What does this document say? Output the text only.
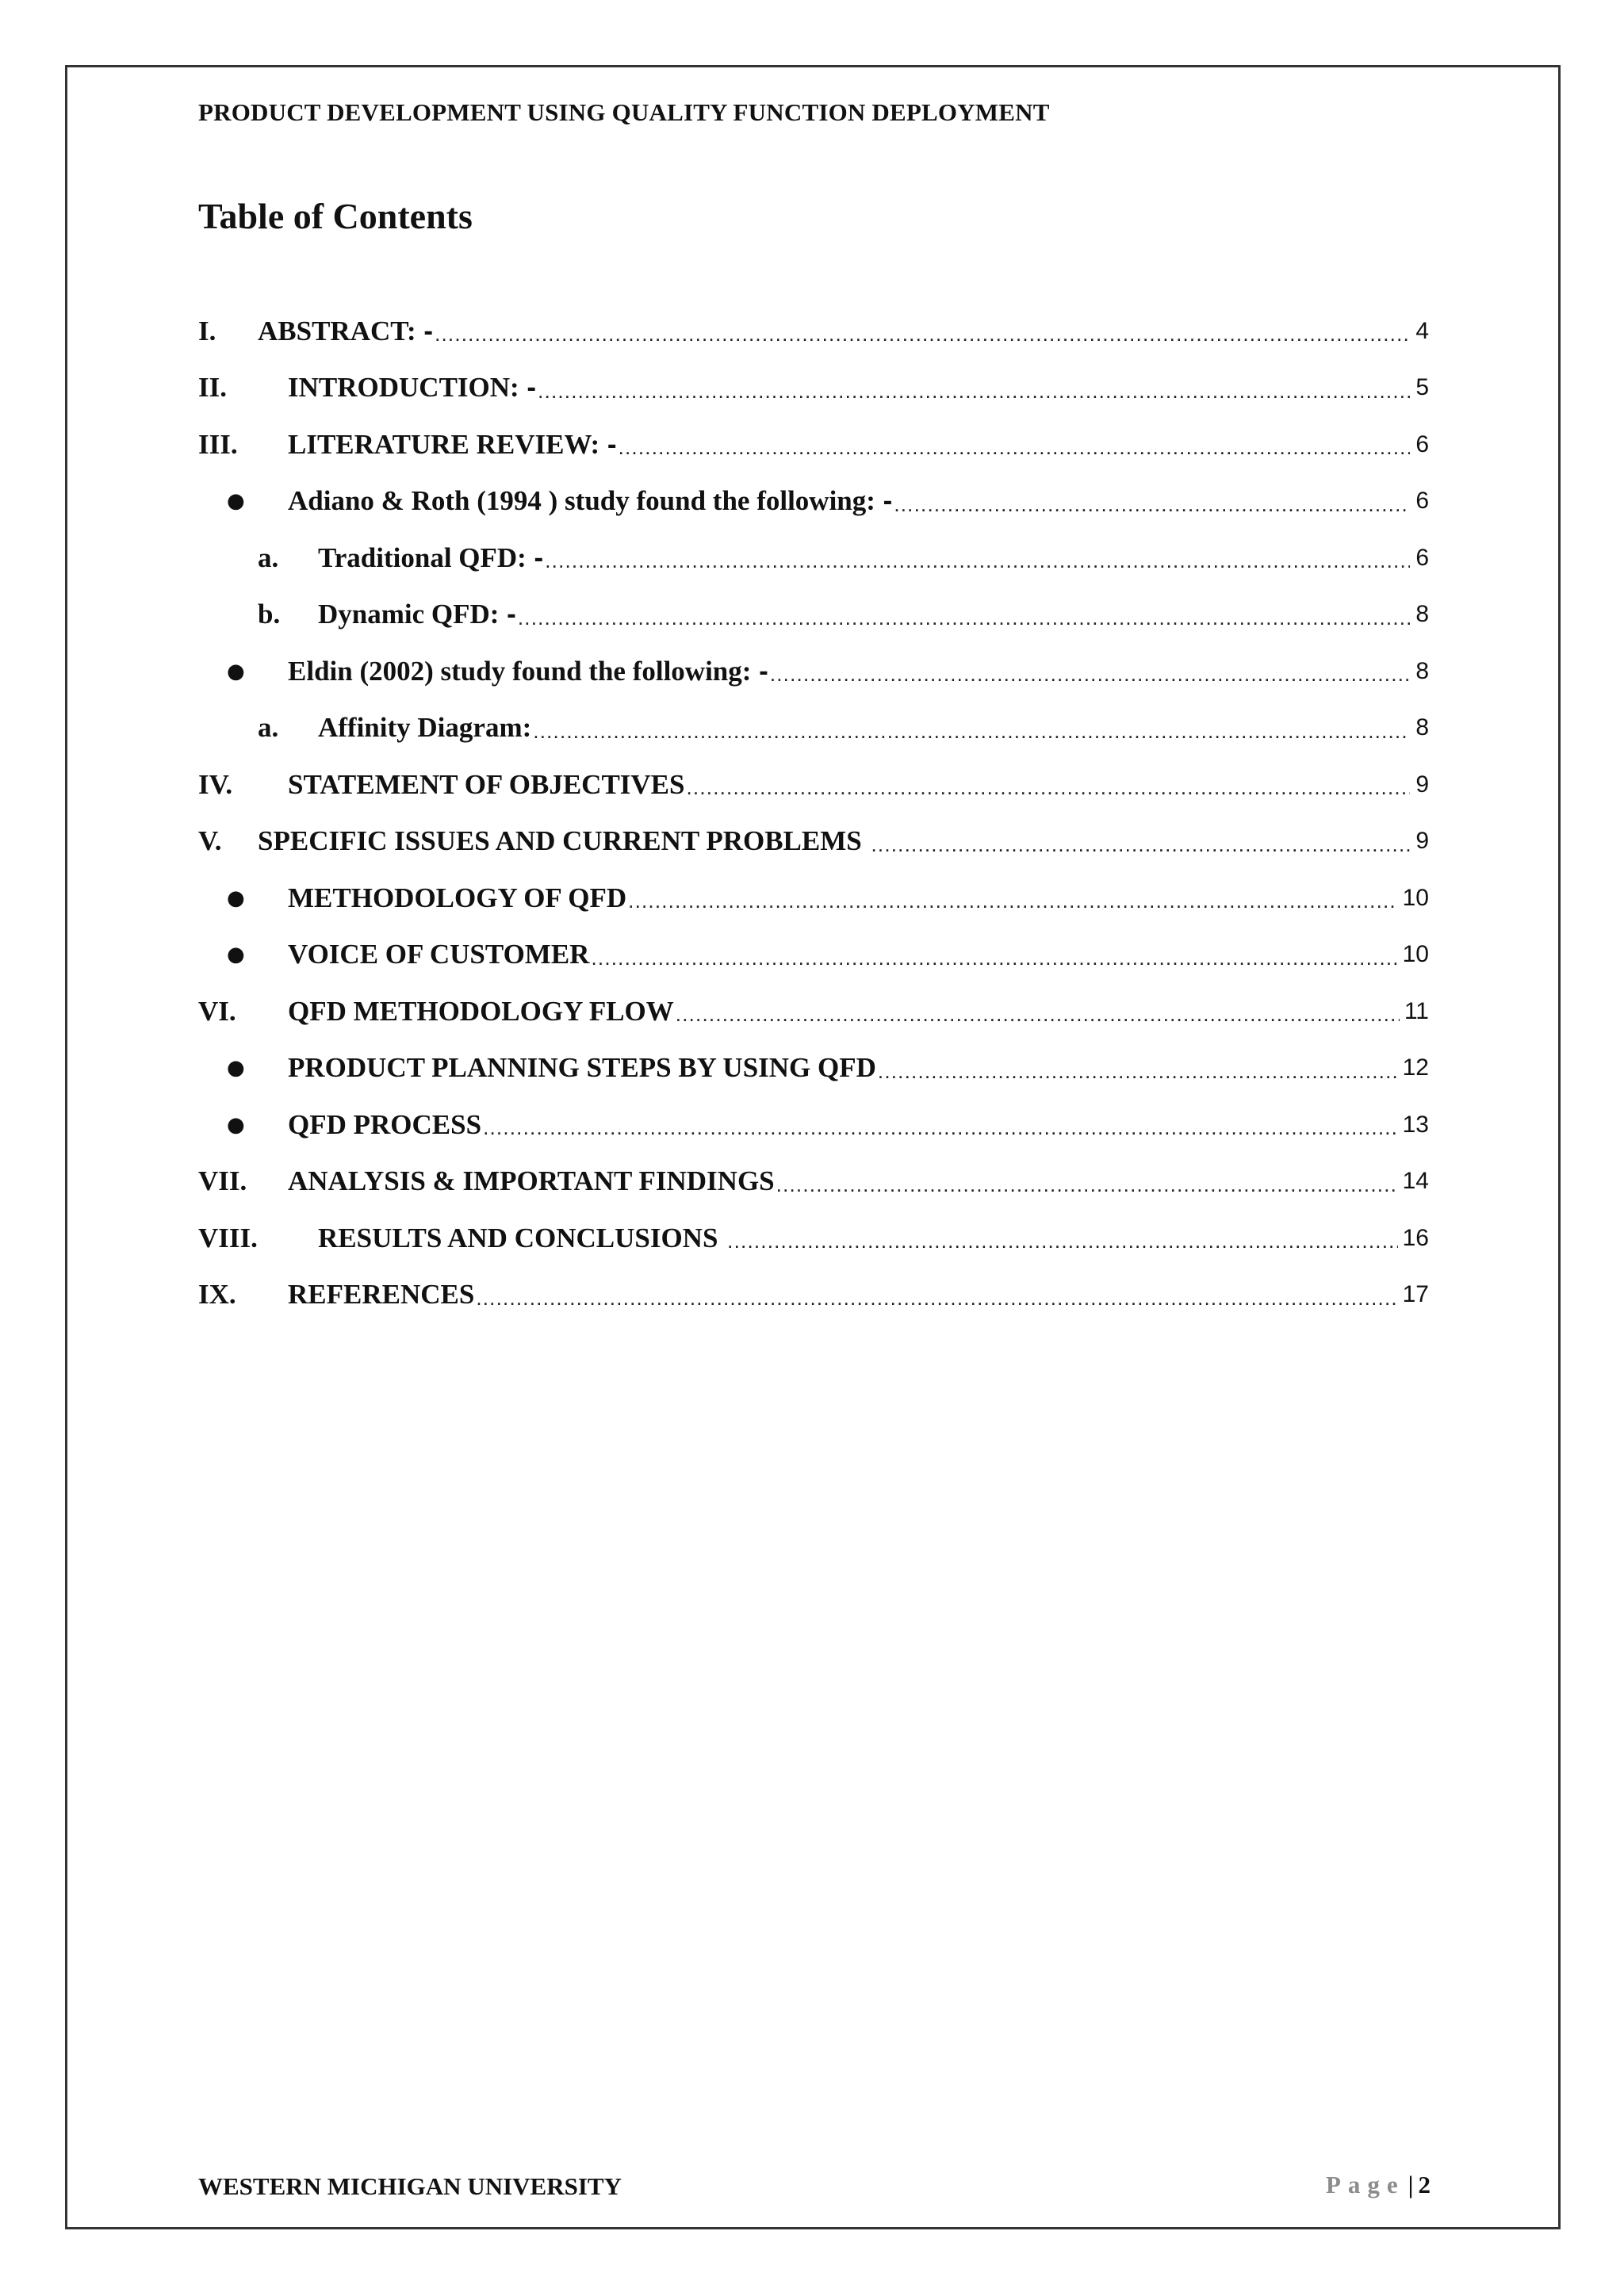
PRODUCT DEVELOPMENT USING QUALITY FUNCTION DEPLOYMENT
Table of Contents
I. ABSTRACT: - .....	4
II. INTRODUCTION: - .....	5
III. LITERATURE REVIEW: - .....	6
● Adiano & Roth (1994 ) study found the following: - .....	6
a. Traditional QFD: - .....	6
b. Dynamic QFD: - .....	8
● Eldin (2002) study found the following: - .....	8
a. Affinity Diagram: .....	8
IV. STATEMENT OF OBJECTIVES .....	9
V. SPECIFIC ISSUES AND CURRENT PROBLEMS .....	9
● METHODOLOGY OF QFD .....	10
● VOICE OF CUSTOMER .....	10
VI. QFD METHODOLOGY FLOW .....	11
● PRODUCT PLANNING STEPS BY USING QFD .....	12
● QFD PROCESS .....	13
VII. ANALYSIS & IMPORTANT FINDINGS .....	14
VIII. RESULTS AND CONCLUSIONS .....	16
IX. REFERENCES .....	17
WESTERN MICHIGAN UNIVERSITY	Page | 2
